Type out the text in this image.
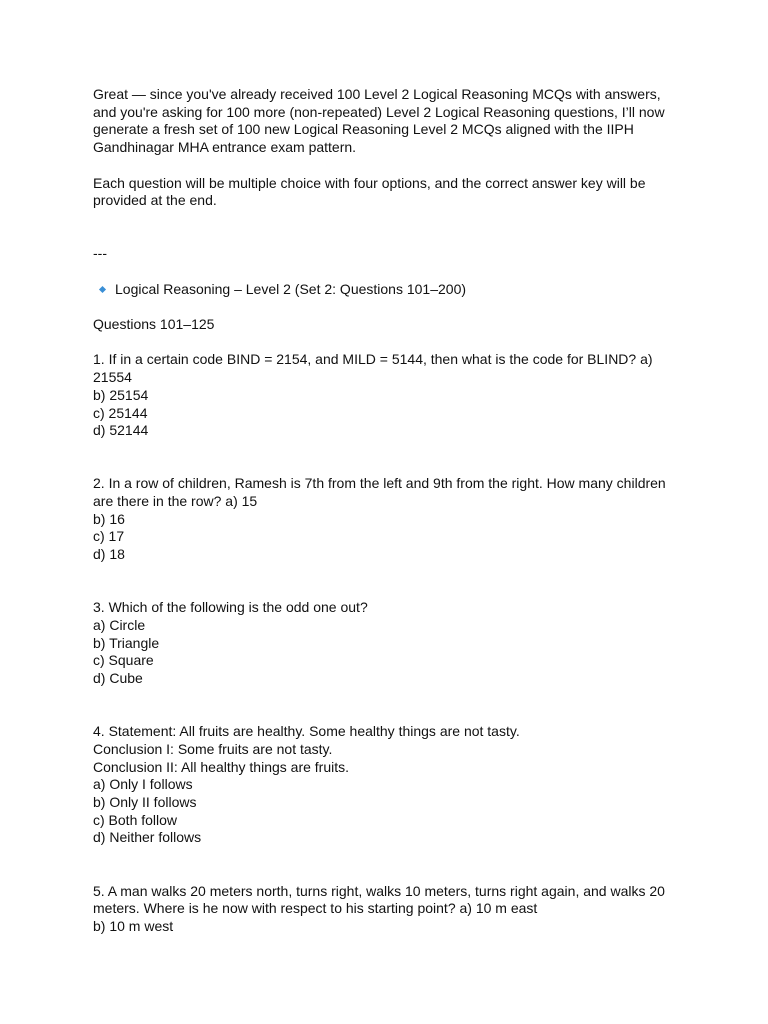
Great — since you've already received 100 Level 2 Logical Reasoning MCQs with answers, and you're asking for 100 more (non-repeated) Level 2 Logical Reasoning questions, I’ll now generate a fresh set of 100 new Logical Reasoning Level 2 MCQs aligned with the IIPH Gandhinagar MHA entrance exam pattern.

Each question will be multiple choice with four options, and the correct answer key will be provided at the end.

---

Logical Reasoning – Level 2 (Set 2: Questions 101–200)

Questions 101–125

1. If in a certain code BIND = 2154, and MILD = 5144, then what is the code for BLIND? a) 21554
b) 25154
c) 25144
d) 52144
2. In a row of children, Ramesh is 7th from the left and 9th from the right. How many children are there in the row? a) 15
b) 16
c) 17
d) 18
3. Which of the following is the odd one out?
a) Circle
b) Triangle
c) Square
d) Cube
4. Statement: All fruits are healthy. Some healthy things are not tasty.
Conclusion I: Some fruits are not tasty.
Conclusion II: All healthy things are fruits.
a) Only I follows
b) Only II follows
c) Both follow
d) Neither follows
5. A man walks 20 meters north, turns right, walks 10 meters, turns right again, and walks 20 meters. Where is he now with respect to his starting point? a) 10 m east
b) 10 m west
